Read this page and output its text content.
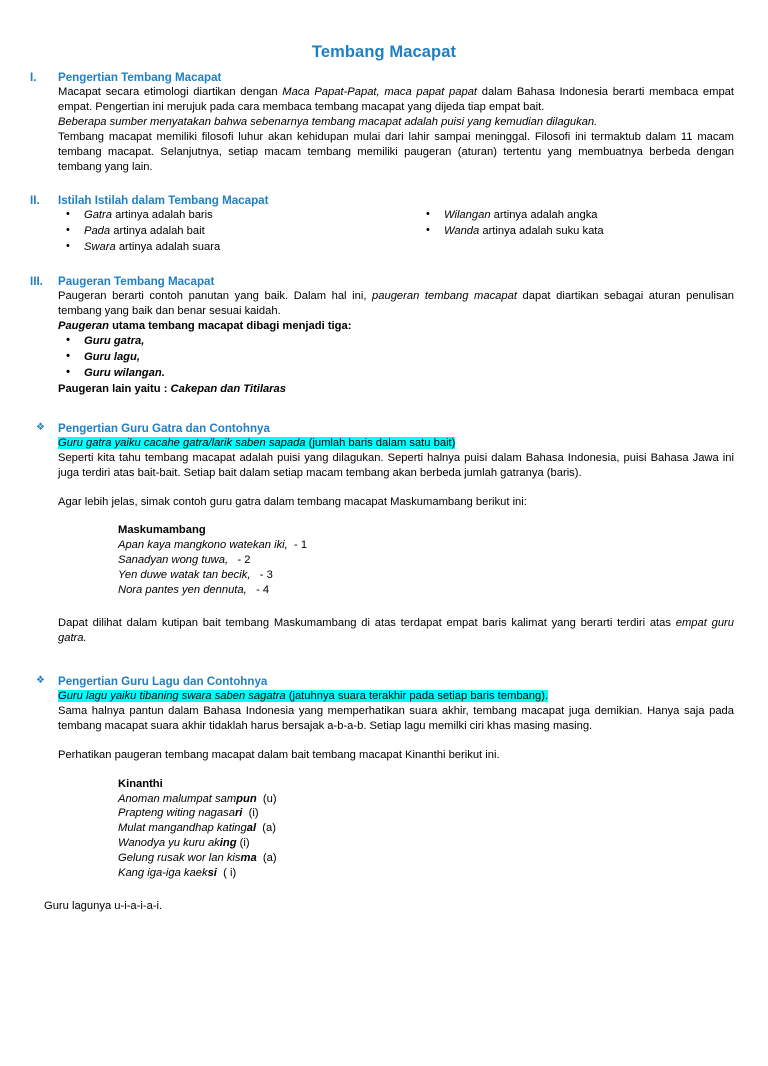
Tembang Macapat
I.	Pengertian Tembang Macapat

Macapat secara etimologi diartikan dengan Maca Papat-Papat, maca papat papat dalam Bahasa Indonesia berarti membaca empat empat. Pengertian ini merujuk pada cara membaca tembang macapat yang dijeda tiap empat bait.

Beberapa sumber menyatakan bahwa sebenarnya tembang macapat adalah puisi yang kemudian dilagukan.

Tembang macapat memiliki filosofi luhur akan kehidupan mulai dari lahir sampai meninggal. Filosofi ini termaktub dalam 11 macam tembang macapat. Selanjutnya, setiap macam tembang memiliki paugeran (aturan) tertentu yang membuatnya berbeda dengan tembang yang lain.

II.	Istilah Istilah dalam Tembang Macapat
• Gatra artinya adalah baris
• Pada artinya adalah bait
• Swara artinya adalah suara
• Wilangan artinya adalah angka
• Wanda artinya adalah suku kata
III.	Paugeran Tembang Macapat

Paugeran berarti contoh panutan yang baik. Dalam hal ini, paugeran tembang macapat dapat diartikan sebagai aturan penulisan tembang yang baik dan benar sesuai kaidah.

Paugeran utama tembang macapat dibagi menjadi tiga:

• Guru gatra,
• Guru lagu,
• Guru wilangan.

Paugeran lain yaitu : Cakepan dan Titilaras

❖	Pengertian Guru Gatra dan Contohnya

Guru gatra yaiku cacahe gatra/larik saben sapada (jumlah baris dalam satu bait)

Seperti kita tahu tembang macapat adalah puisi yang dilagukan. Seperti halnya puisi dalam Bahasa Indonesia, puisi Bahasa Jawa ini juga terdiri atas bait-bait. Setiap bait dalam setiap macam tembang akan berbeda jumlah gatranya (baris).

Agar lebih jelas, simak contoh guru gatra dalam tembang macapat Maskumambang berikut ini:

Maskumambang
Apan kaya mangkono watekan iki,  - 1
Sanadyan wong tuwa,   - 2
Yen duwe watak tan becik,   - 3
Nora pantes yen dennuta,   - 4

Dapat dilihat dalam kutipan bait tembang Maskumambang di atas terdapat empat baris kalimat yang berarti terdiri atas empat guru gatra.

❖	Pengertian Guru Lagu dan Contohnya

Guru lagu yaiku tibaning swara saben sagatra (jatuhnya suara terakhir pada setiap baris tembang).

Sama halnya pantun dalam Bahasa Indonesia yang memperhatikan suara akhir, tembang macapat juga demikian. Hanya saja pada tembang macapat suara akhir tidaklah harus bersajak a-b-a-b. Setiap lagu memilki ciri khas masing masing.

Perhatikan paugeran tembang macapat dalam bait tembang macapat Kinanthi berikut ini.

Kinanthi
Anoman malumpat sampun  (u)
Prapteng witing nagasari  (i)
Mulat mangandhap katingal  (a)
Wanodya yu kuru aking (i)
Gelung rusak wor lan kisma  (a)
Kang iga-iga kaeksi  ( i)

Guru lagunya u-i-a-i-a-i.
